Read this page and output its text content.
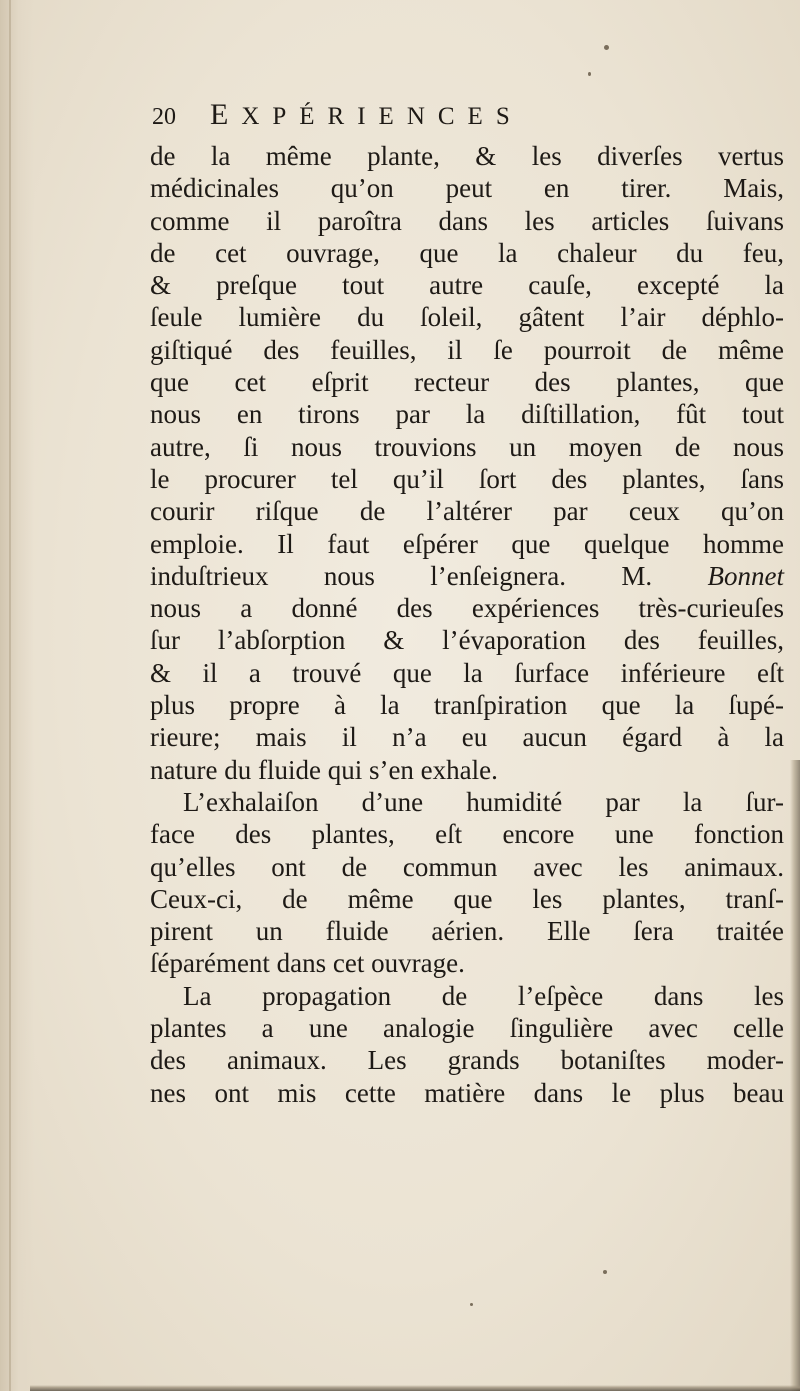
20	EXPÉRIENCES
de la même plante, & les diverſes vertus
médicinales qu’on peut en tirer. Mais,
comme il paroîtra dans les articles ſuivans
de cet ouvrage, que la chaleur du feu,
& preſque tout autre cauſe, excepté la
ſeule lumière du ſoleil, gâtent l’air déphlo-
giſtiqué des feuilles, il ſe pourroit de même
que cet eſprit recteur des plantes, que
nous en tirons par la diſtillation, fût tout
autre, ſi nous trouvions un moyen de nous
le procurer tel qu’il ſort des plantes, ſans
courir riſque de l’altérer par ceux qu’on
emploie. Il faut eſpérer que quelque homme
induſtrieux nous l’enſeignera. M. Bonnet
nous a donné des expériences très-curieuſes
ſur l’abſorption & l’évaporation des feuilles,
& il a trouvé que la ſurface inférieure eſt
plus propre à la tranſpiration que la ſupé-
rieure; mais il n’a eu aucun égard à la
nature du fluide qui s’en exhale.
L’exhalaiſon d’une humidité par la ſur-
face des plantes, eſt encore une fonction
qu’elles ont de commun avec les animaux.
Ceux-ci, de même que les plantes, tranſ-
pirent un fluide aérien. Elle ſera traitée
ſéparément dans cet ouvrage.
La propagation de l’eſpèce dans les
plantes a une analogie ſingulière avec celle
des animaux. Les grands botaniſtes moder-
nes ont mis cette matière dans le plus beau
